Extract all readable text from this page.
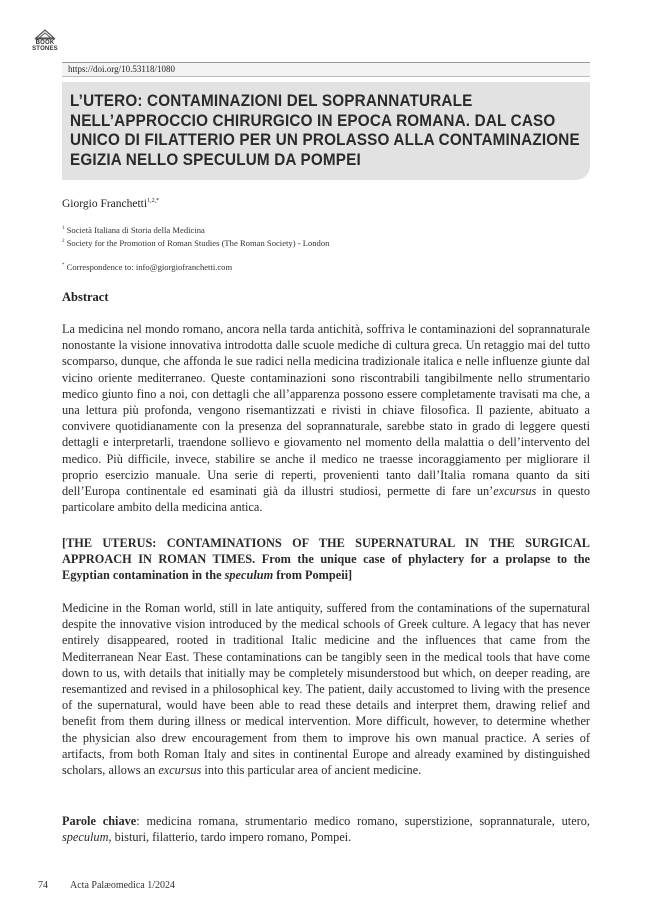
BOOK
STONES
https://doi.org/10.53118/1080
L’UTERO: CONTAMINAZIONI DEL SOPRANNATURALE NELL’APPROCCIO CHIRURGICO IN EPOCA ROMANA. DAL CASO UNICO DI FILATTERIO PER UN PROLASSO ALLA CONTAMINAZIONE EGIZIA NELLO SPECULUM DA POMPEI
Giorgio Franchetti$^{1,2,*}$
$^1$ Società Italiana di Storia della Medicina
$^2$ Society for the Promotion of Roman Studies (The Roman Society) - London
* Correspondence to: info@giorgiofranchetti.com
Abstract
La medicina nel mondo romano, ancora nella tarda antichità, soffriva le contaminazioni del soprannaturale nonostante la visione innovativa introdotta dalle scuole mediche di cultura greca. Un retaggio mai del tutto scomparso, dunque, che affonda le sue radici nella medicina tradizionale italica e nelle influenze giunte dal vicino oriente mediterraneo. Queste contaminazioni sono riscontrabili tangibilmente nello strumentario medico giunto fino a noi, con dettagli che all’apparenza possono essere completamente travisati ma che, a una lettura più profonda, vengono risemantizzati e rivisti in chiave filosofica. Il paziente, abituato a convivere quotidianamente con la presenza del soprannaturale, sarebbe stato in grado di leggere questi dettagli e interpretarli, traendone sollievo e giovamento nel momento della malattia o dell’intervento del medico. Più difficile, invece, stabilire se anche il medico ne traesse incoraggiamento per migliorare il proprio esercizio manuale. Una serie di reperti, provenienti tanto dall’Italia romana quanto da siti dell’Europa continentale ed esaminati già da illustri studiosi, permette di fare un’excursus in questo particolare ambito della medicina antica.
[THE UTERUS: CONTAMINATIONS OF THE SUPERNATURAL IN THE SURGICAL APPROACH IN ROMAN TIMES. From the unique case of phylactery for a prolapse to the Egyptian contamination in the speculum from Pompeii]
Medicine in the Roman world, still in late antiquity, suffered from the contaminations of the supernatural despite the innovative vision introduced by the medical schools of Greek culture. A legacy that has never entirely disappeared, rooted in traditional Italic medicine and the influences that came from the Mediterranean Near East. These contaminations can be tangibly seen in the medical tools that have come down to us, with details that initially may be completely misunderstood but which, on deeper reading, are resemantized and revised in a philosophical key. The patient, daily accustomed to living with the presence of the supernatural, would have been able to read these details and interpret them, drawing relief and benefit from them during illness or medical intervention. More difficult, however, to determine whether the physician also drew encouragement from them to improve his own manual practice. A series of artifacts, from both Roman Italy and sites in continental Europe and already examined by distinguished scholars, allows an excursus into this particular area of ancient medicine.
Parole chiave: medicina romana, strumentario medico romano, superstizione, soprannaturale, utero, speculum, bisturi, filatterio, tardo impero romano, Pompei.
74 Acta Palæomedica 1/2024
